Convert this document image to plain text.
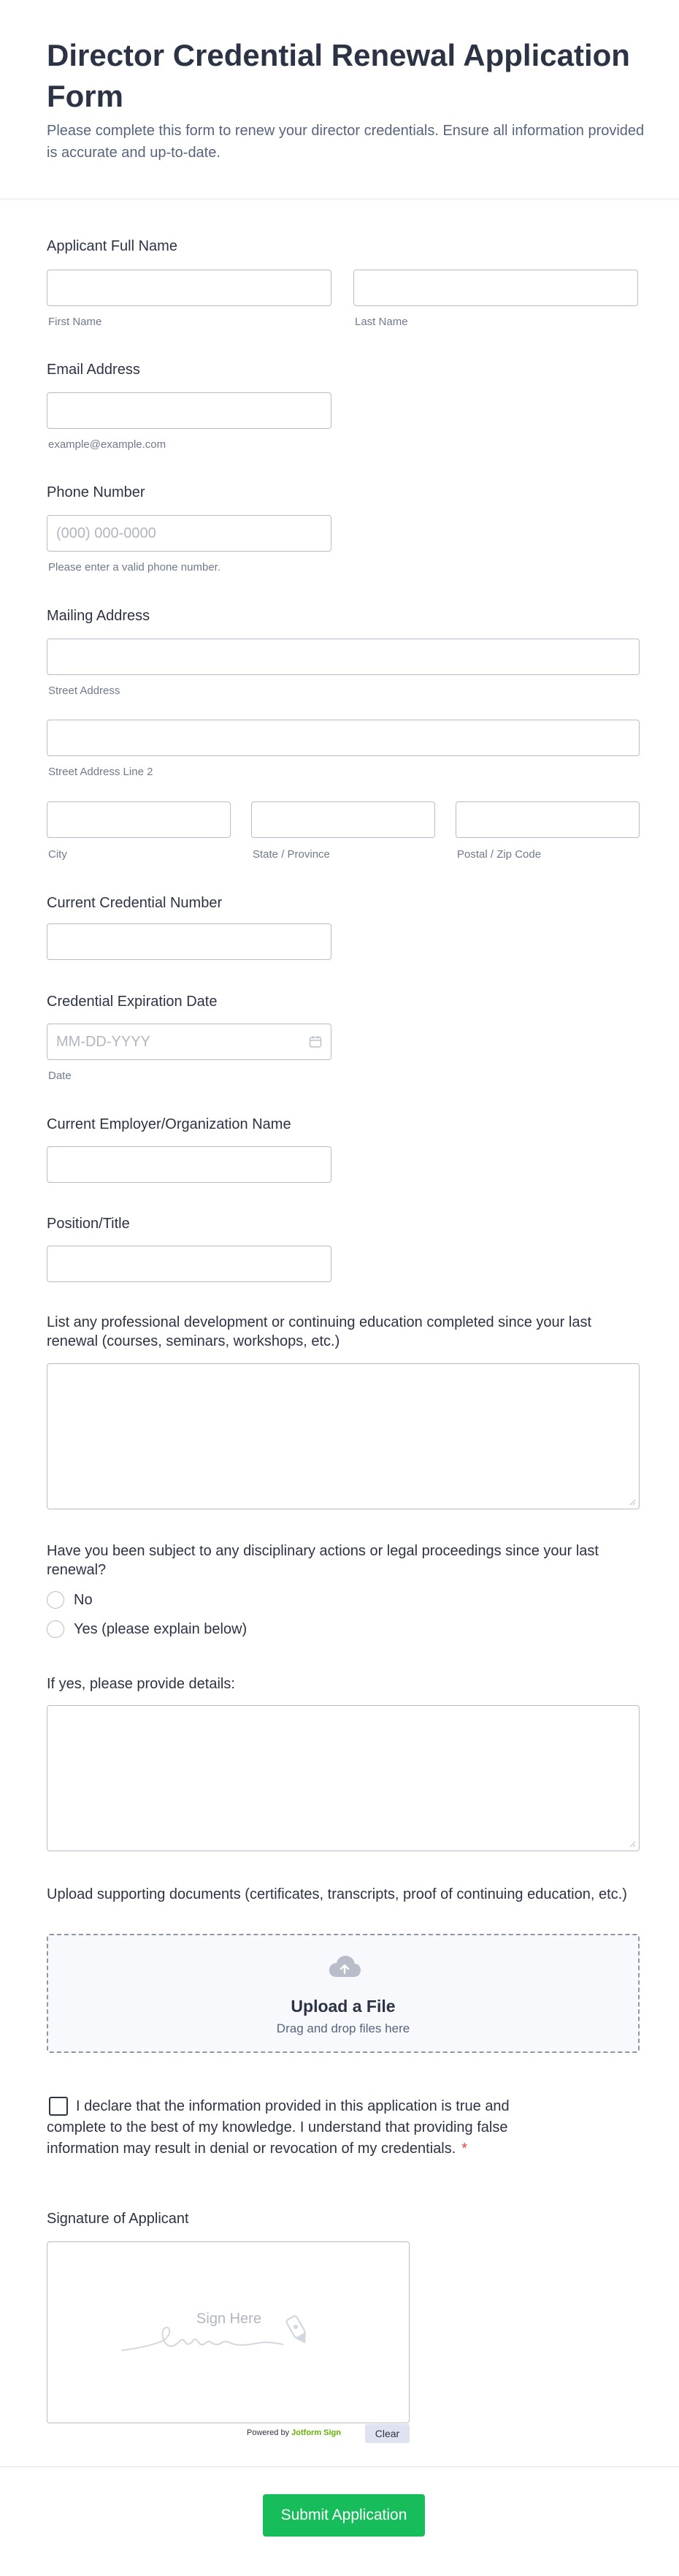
Director Credential Renewal Application Form
Please complete this form to renew your director credentials. Ensure all information provided is accurate and up-to-date.
Applicant Full Name
First Name	Last Name
Email Address
example@example.com
Phone Number
(000) 000-0000
Please enter a valid phone number.
Mailing Address
Street Address
Street Address Line 2
City	State / Province	Postal / Zip Code
Current Credential Number
Credential Expiration Date
MM-DD-YYYY
Date
Current Employer/Organization Name
Position/Title
List any professional development or continuing education completed since your last renewal (courses, seminars, workshops, etc.)
Have you been subject to any disciplinary actions or legal proceedings since your last renewal?
No
Yes (please explain below)
If yes, please provide details:
Upload supporting documents (certificates, transcripts, proof of continuing education, etc.)
Upload a File
Drag and drop files here
I declare that the information provided in this application is true and complete to the best of my knowledge. I understand that providing false information may result in denial or revocation of my credentials. *
Signature of Applicant
Sign Here
Powered by Jotform Sign	Clear
Submit Application
